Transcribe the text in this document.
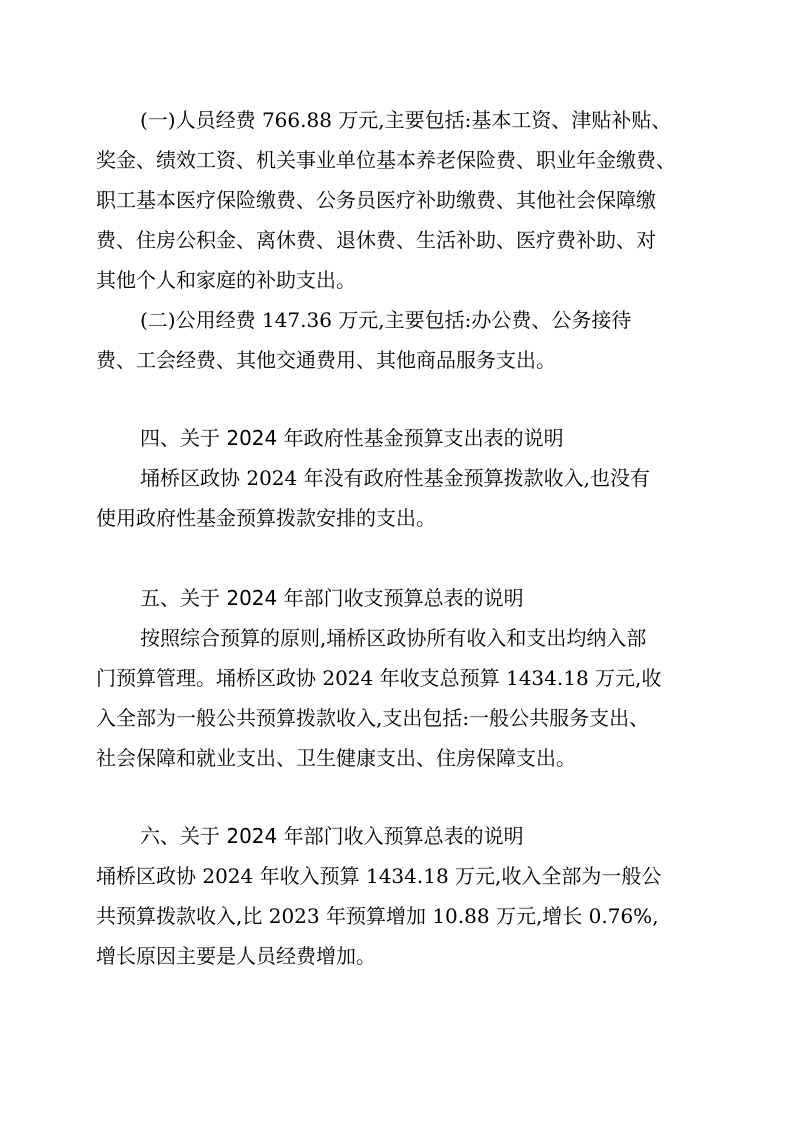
(一)人员经费 766.88 万元,主要包括:基本工资、津贴补贴、
奖金、绩效工资、机关事业单位基本养老保险费、职业年金缴费、
职工基本医疗保险缴费、公务员医疗补助缴费、其他社会保障缴
费、住房公积金、离休费、退休费、生活补助、医疗费补助、对
其他个人和家庭的补助支出。
(二)公用经费 147.36 万元,主要包括:办公费、公务接待
费、工会经费、其他交通费用、其他商品服务支出。
四、关于 2024 年政府性基金预算支出表的说明
埇桥区政协 2024 年没有政府性基金预算拨款收入,也没有
使用政府性基金预算拨款安排的支出。
五、关于 2024 年部门收支预算总表的说明
按照综合预算的原则,埇桥区政协所有收入和支出均纳入部
门预算管理。埇桥区政协 2024 年收支总预算 1434.18 万元,收
入全部为一般公共预算拨款收入,支出包括:一般公共服务支出、
社会保障和就业支出、卫生健康支出、住房保障支出。
六、关于 2024 年部门收入预算总表的说明
埇桥区政协 2024 年收入预算 1434.18 万元,收入全部为一般公
共预算拨款收入,比 2023 年预算增加 10.88 万元,增长 0.76%,
增长原因主要是人员经费增加。
